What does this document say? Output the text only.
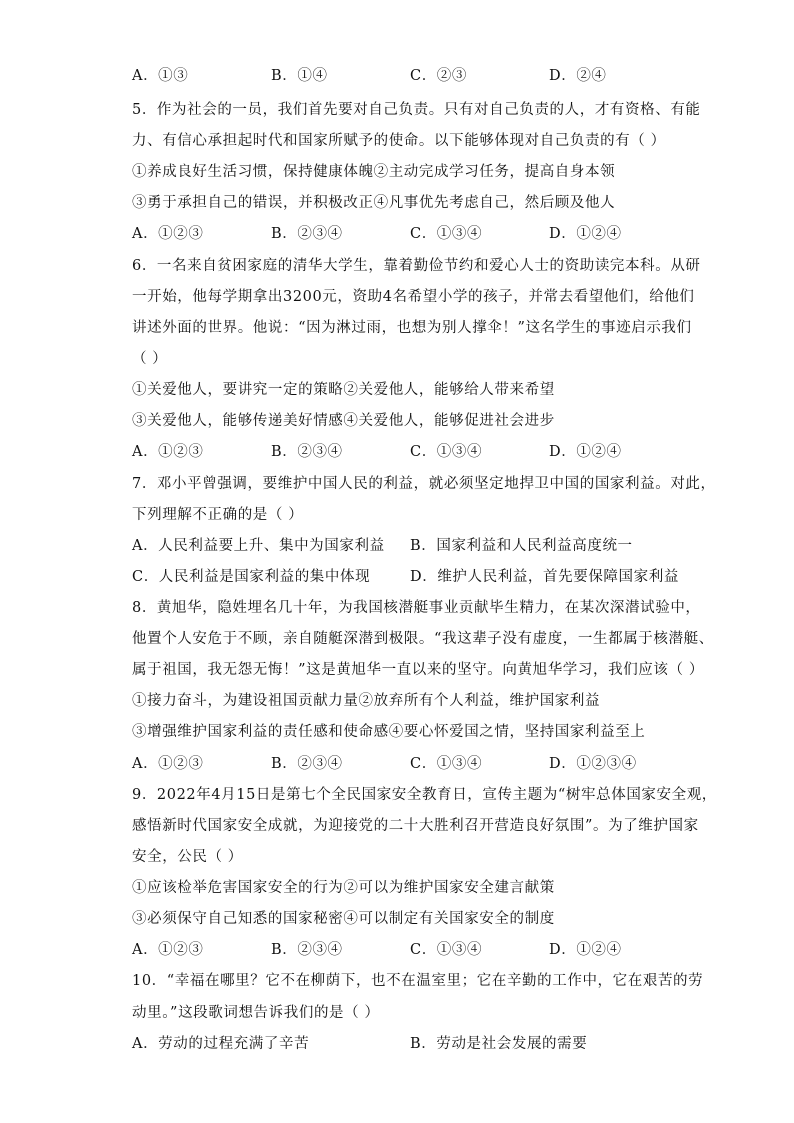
A．①③	B．①④	C．②③	D．②④
5．作为社会的一员，我们首先要对自己负责。只有对自己负责的人，才有资格、有能
力、有信心承担起时代和国家所赋予的使命。以下能够体现对自己负责的有（ ）
①养成良好生活习惯，保持健康体魄②主动完成学习任务，提高自身本领
③勇于承担自己的错误，并积极改正④凡事优先考虑自己，然后顾及他人
A．①②③	B．②③④	C．①③④	D．①②④
6．一名来自贫困家庭的清华大学生，靠着勤俭节约和爱心人士的资助读完本科。从研
一开始，他每学期拿出3200元，资助4名希望小学的孩子，并常去看望他们，给他们
讲述外面的世界。他说：“因为淋过雨，也想为别人撑伞！”这名学生的事迹启示我们
（ ）
①关爱他人，要讲究一定的策略②关爱他人，能够给人带来希望
③关爱他人，能够传递美好情感④关爱他人，能够促进社会进步
A．①②③	B．②③④	C．①③④	D．①②④
7．邓小平曾强调，要维护中国人民的利益，就必须坚定地捍卫中国的国家利益。对此，
下列理解不正确的是（ ）
A．人民利益要上升、集中为国家利益 B．国家利益和人民利益高度统一
C．人民利益是国家利益的集中体现	D．维护人民利益，首先要保障国家利益
8．黄旭华，隐姓埋名几十年，为我国核潜艇事业贡献毕生精力，在某次深潜试验中，
他置个人安危于不顾，亲自随艇深潜到极限。“我这辈子没有虚度，一生都属于核潜艇、
属于祖国，我无怨无悔！”这是黄旭华一直以来的坚守。向黄旭华学习，我们应该（ ）
①接力奋斗，为建设祖国贡献力量②放弃所有个人利益，维护国家利益
③增强维护国家利益的责任感和使命感④要心怀爱国之情，坚持国家利益至上
A．①②③	B．②③④	C．①③④	D．①②③④
9．2022年4月15日是第七个全民国家安全教育日，宣传主题为“树牢总体国家安全观，
感悟新时代国家安全成就，为迎接党的二十大胜利召开营造良好氛围”。为了维护国家
安全，公民（ ）
①应该检举危害国家安全的行为②可以为维护国家安全建言献策
③必须保守自己知悉的国家秘密④可以制定有关国家安全的制度
A．①②③	B．②③④	C．①③④	D．①②④
10．“幸福在哪里？它不在柳荫下，也不在温室里；它在辛勤的工作中，它在艰苦的劳
动里。”这段歌词想告诉我们的是（ ）
A．劳动的过程充满了辛苦	B．劳动是社会发展的需要
